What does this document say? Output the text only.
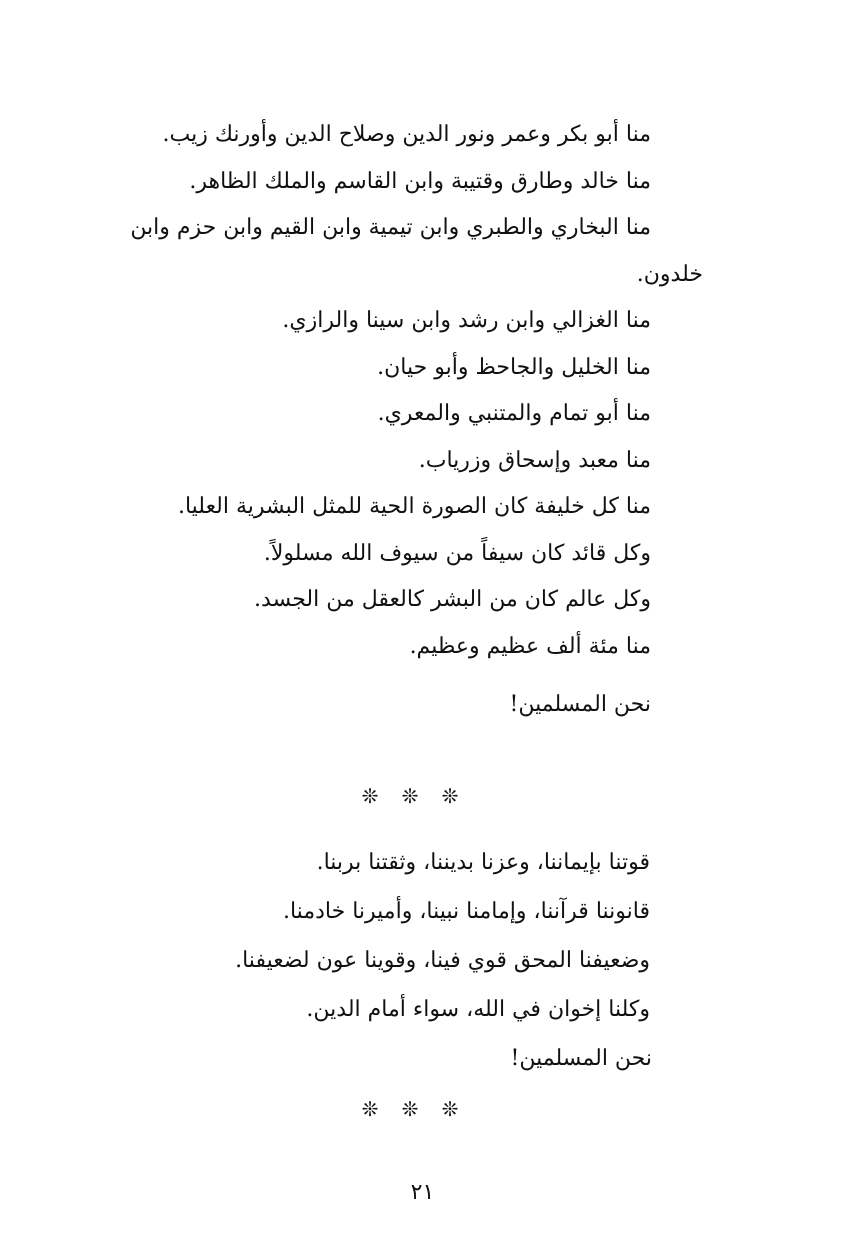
منا أبو بكر وعمر ونور الدين وصلاح الدين وأورنك زيب.

منا خالد وطارق وقتيبة وابن القاسم والملك الظاهر.

منا البخاري والطبري وابن تيمية وابن القيم وابن حزم وابن خلدون.

منا الغزالي وابن رشد وابن سينا والرازي.

منا الخليل والجاحظ وأبو حيان.

منا أبو تمام والمتنبي والمعري.

منا معبد وإسحاق وزرياب.

منا كل خليفة كان الصورة الحية للمثل البشرية العليا.

وكل قائد كان سيفاً من سيوف الله مسلولاً.

وكل عالم كان من البشر كالعقل من الجسد.

منا مئة ألف عظيم وعظيم.

نحن المسلمين!

❊ ❊ ❊

قوتنا بإيماننا، وعزنا بديننا، وثقتنا بربنا.

قانوننا قرآننا، وإمامنا نبينا، وأميرنا خادمنا.

وضعيفنا المحق قوي فينا، وقوينا عون لضعيفنا.

وكلنا إخوان في الله، سواء أمام الدين.

نحن المسلمين!

❊ ❊ ❊
٢١
